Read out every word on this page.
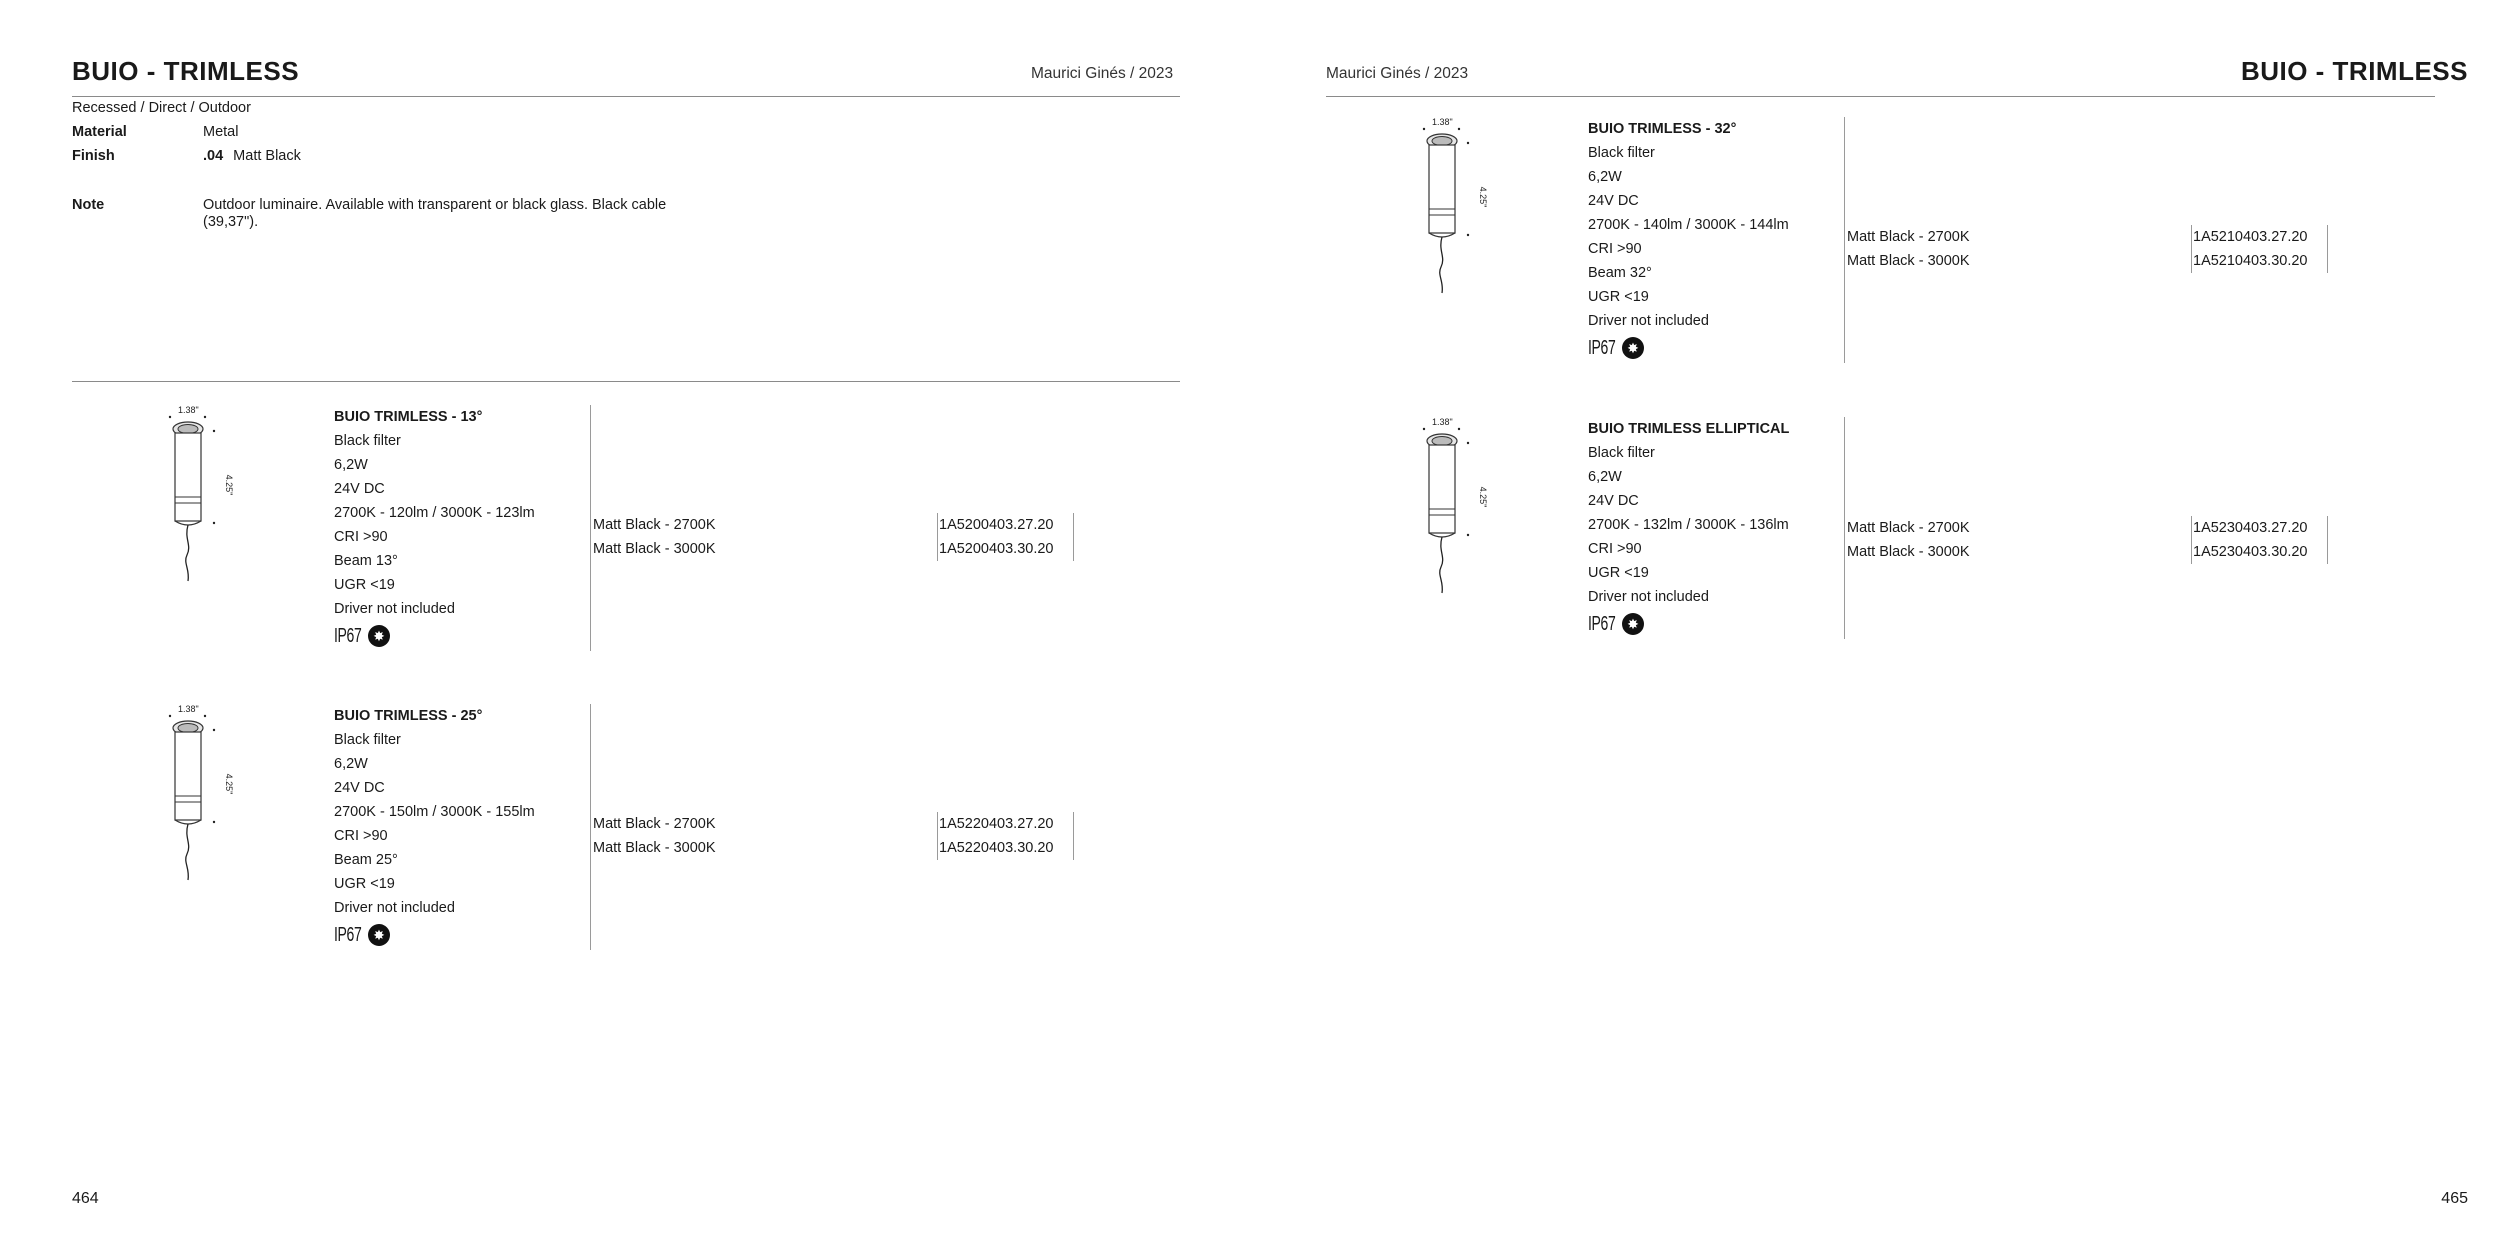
BUIO - TRIMLESS	Maurici Ginés / 2023
Recessed / Direct / Outdoor
Material	Metal
Finish	.04 Matt Black
Note	Outdoor luminaire. Available with transparent or black glass. Black cable (39,37").
1.38"
4.25"
BUIO TRIMLESS - 13°
Black filter
6,2W
24V DC
2700K - 120lm / 3000K - 123lm
CRI >90
Beam 13°
UGR <19
Driver not included
IP67 ✸
Matt Black - 2700K	1A5200403.27.20
Matt Black - 3000K	1A5200403.30.20
1.38"
4.25"
BUIO TRIMLESS - 25°
Black filter
6,2W
24V DC
2700K - 150lm / 3000K - 155lm
CRI >90
Beam 25°
UGR <19
Driver not included
IP67 ✸
Matt Black - 2700K	1A5220403.27.20
Matt Black - 3000K	1A5220403.30.20
464
Maurici Ginés / 2023	BUIO - TRIMLESS
1.38"
4.25"
BUIO TRIMLESS - 32°
Black filter
6,2W
24V DC
2700K - 140lm / 3000K - 144lm
CRI >90
Beam 32°
UGR <19
Driver not included
IP67 ✸
Matt Black - 2700K	1A5210403.27.20
Matt Black - 3000K	1A5210403.30.20
1.38"
4.25"
BUIO TRIMLESS ELLIPTICAL
Black filter
6,2W
24V DC
2700K - 132lm / 3000K - 136lm
CRI >90
UGR <19
Driver not included
IP67 ✸
Matt Black - 2700K	1A5230403.27.20
Matt Black - 3000K	1A5230403.30.20
465
